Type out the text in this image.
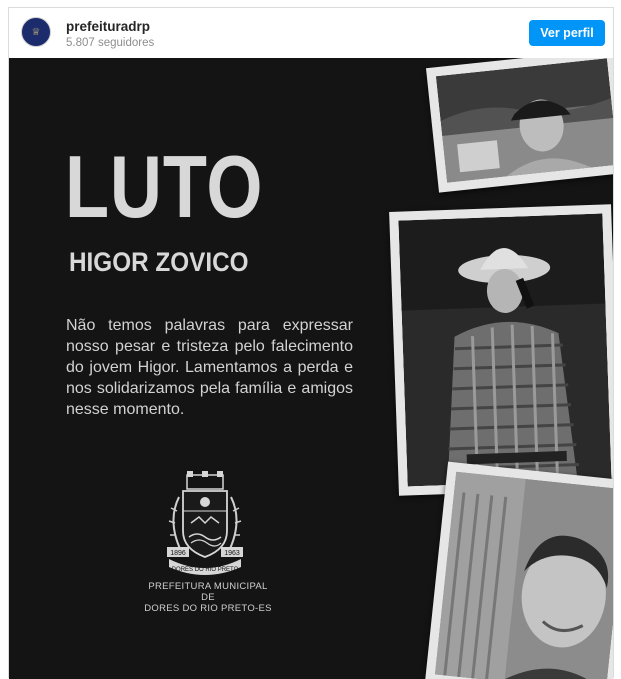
♕ prefeituradrp
5.807 seguidores
Ver perfil
LUTO
HIGOR ZOVICO
Não temos palavras para expressar nosso pesar e tristeza pelo falecimento do jovem Higor. Lamentamos a perda e nos solidarizamos pela família e amigos nesse momento.
1896	1963
DORES DO RIO PRETO
PREFEITURA MUNICIPAL DE
DORES DO RIO PRETO-ES
